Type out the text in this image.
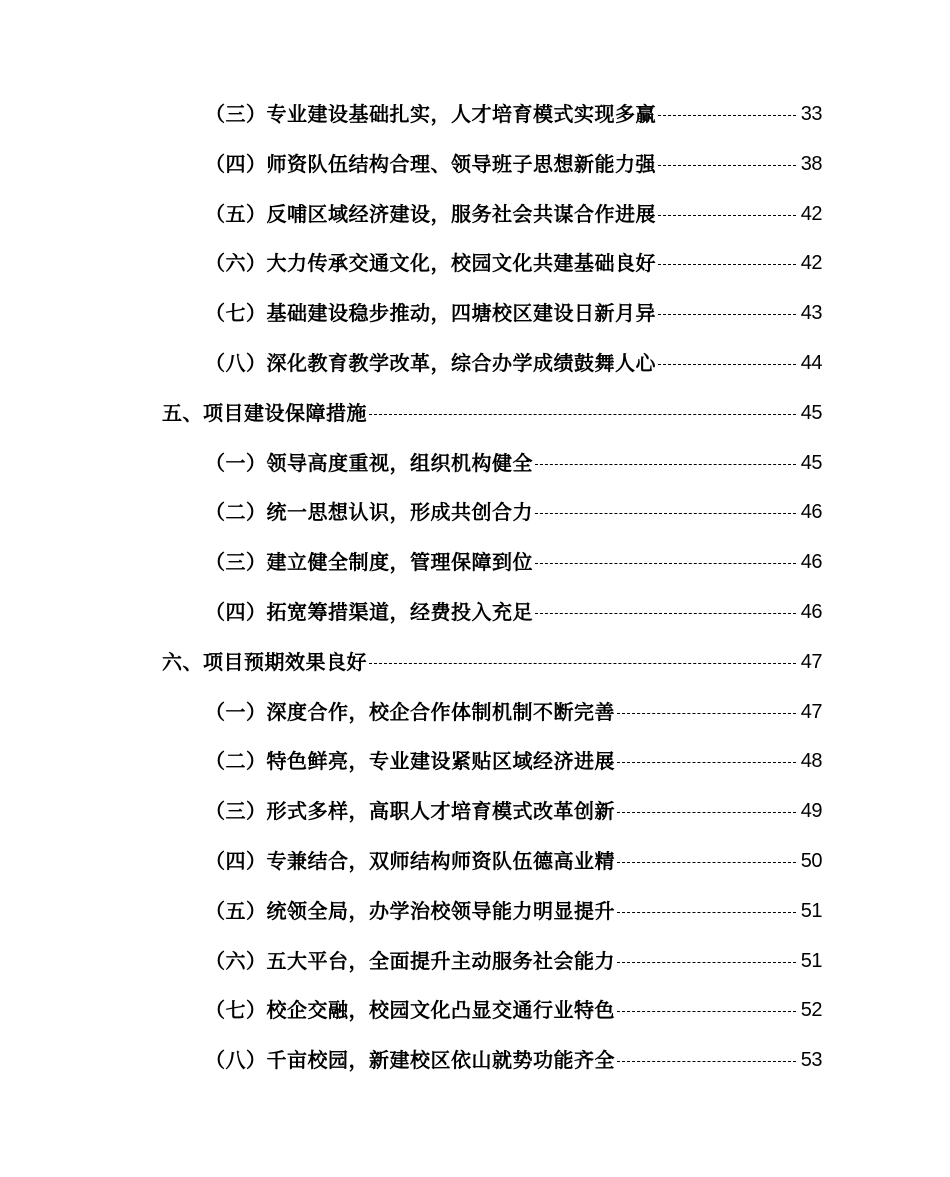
（三）专业建设基础扎实，人才培育模式实现多赢	33
（四）师资队伍结构合理、领导班子思想新能力强	38
（五）反哺区域经济建设，服务社会共谋合作进展	42
（六）大力传承交通文化，校园文化共建基础良好	42
（七）基础建设稳步推动，四塘校区建设日新月异	43
（八）深化教育教学改革，综合办学成绩鼓舞人心	44
五、项目建设保障措施	45
（一）领导高度重视，组织机构健全	45
（二）统一思想认识，形成共创合力	46
（三）建立健全制度，管理保障到位	46
（四）拓宽筹措渠道，经费投入充足	46
六、项目预期效果良好	47
（一）深度合作，校企合作体制机制不断完善	47
（二）特色鲜亮，专业建设紧贴区域经济进展	48
（三）形式多样，高职人才培育模式改革创新	49
（四）专兼结合，双师结构师资队伍德高业精	50
（五）统领全局，办学治校领导能力明显提升	51
（六）五大平台，全面提升主动服务社会能力	51
（七）校企交融，校园文化凸显交通行业特色	52
（八）千亩校园，新建校区依山就势功能齐全	53
